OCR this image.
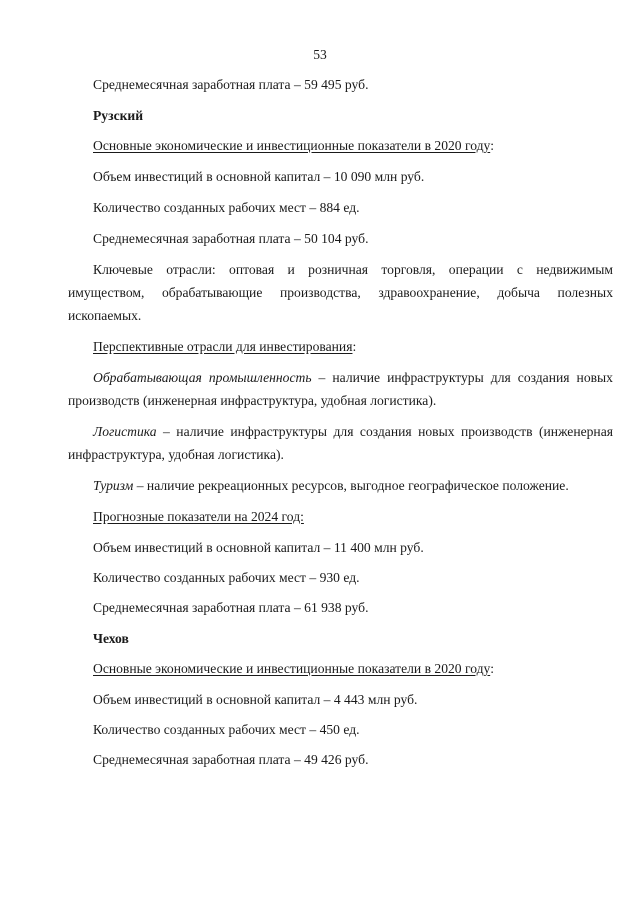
53
Среднемесячная заработная плата – 59 495 руб.
Рузский
Основные экономические и инвестиционные показатели в 2020 году:
Объем инвестиций в основной капитал – 10 090 млн руб.
Количество созданных рабочих мест – 884 ед.
Среднемесячная заработная плата – 50 104 руб.
Ключевые отрасли: оптовая и розничная торговля, операции с недвижимым
имуществом, обрабатывающие производства, здравоохранение, добыча полезных
ископаемых.
Перспективные отрасли для инвестирования:
Обрабатывающая промышленность – наличие инфраструктуры для создания новых
производств (инженерная инфраструктура, удобная логистика).
Логистика – наличие инфраструктуры для создания новых производств (инженерная
инфраструктура, удобная логистика).
Туризм – наличие рекреационных ресурсов, выгодное географическое положение.
Прогнозные показатели на 2024 год:
Объем инвестиций в основной капитал – 11 400 млн руб.
Количество созданных рабочих мест – 930 ед.
Среднемесячная заработная плата – 61 938 руб.
Чехов
Основные экономические и инвестиционные показатели в 2020 году:
Объем инвестиций в основной капитал – 4 443 млн руб.
Количество созданных рабочих мест – 450 ед.
Среднемесячная заработная плата – 49 426 руб.
